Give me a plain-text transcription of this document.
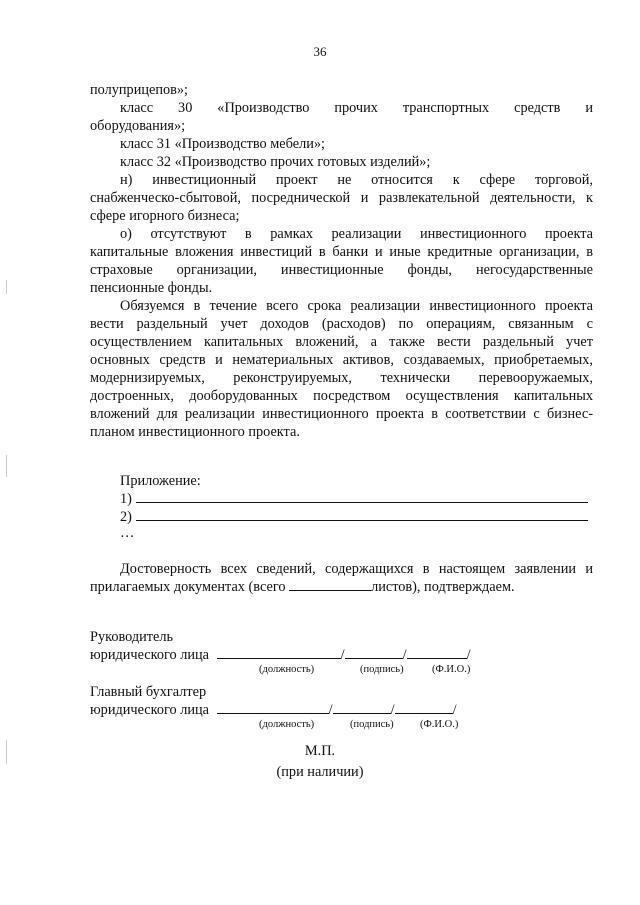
36
полуприцепов»;
класс 30 «Производство прочих транспортных средств и
оборудования»;
класс 31 «Производство мебели»;
класс 32 «Производство прочих готовых изделий»;
н) инвестиционный проект не относится к сфере торговой,
снабженческо-сбытовой, посреднической и развлекательной деятельности, к
сфере игорного бизнеса;
о) отсутствуют в рамках реализации инвестиционного проекта
капитальные вложения инвестиций в банки и иные кредитные организации, в
страховые организации, инвестиционные фонды, негосударственные
пенсионные фонды.
Обязуемся в течение всего срока реализации инвестиционного проекта
вести раздельный учет доходов (расходов) по операциям, связанным с
осуществлением капитальных вложений, а также вести раздельный учет
основных средств и нематериальных активов, создаваемых, приобретаемых,
модернизируемых, реконструируемых, технически перевооружаемых,
достроенных, дооборудованных посредством осуществления капитальных
вложений для реализации инвестиционного проекта в соответствии с бизнес-
планом инвестиционного проекта.
Приложение:
1)
2)
…
Достоверность всех сведений, содержащихся в настоящем заявлении и
прилагаемых документах (всего	листов), подтверждаем.
Руководитель
юридического лица	/	/	/
(должность)	(подпись)	(Ф.И.О.)
Главный бухгалтер
юридического лица	/	/	/
(должность)	(подпись)	(Ф.И.О.)
М.П.
(при наличии)
